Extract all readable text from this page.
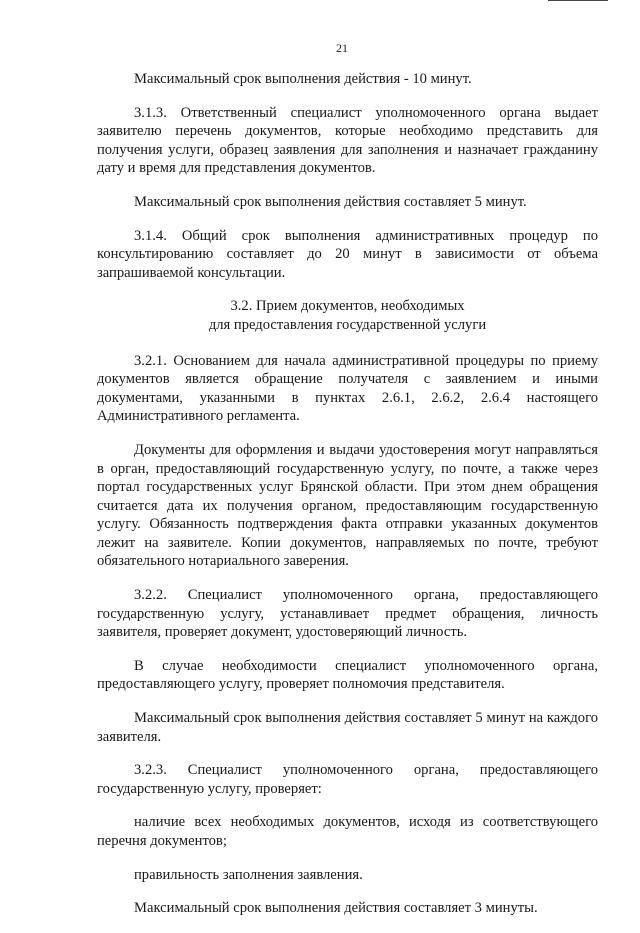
21

Максимальный срок выполнения действия - 10 минут.

3.1.3. Ответственный специалист уполномоченного органа выдает заявителю перечень документов, которые необходимо представить для получения услуги, образец заявления для заполнения и назначает гражданину дату и время для представления документов.

Максимальный срок выполнения действия составляет 5 минут.

3.1.4. Общий срок выполнения административных процедур по консультированию составляет до 20 минут в зависимости от объема запрашиваемой консультации.

3.2. Прием документов, необходимых
для предоставления государственной услуги

3.2.1. Основанием для начала административной процедуры по приему документов является обращение получателя с заявлением и иными документами, указанными в пунктах 2.6.1, 2.6.2, 2.6.4 настоящего Административного регламента.

Документы для оформления и выдачи удостоверения могут направляться в орган, предоставляющий государственную услугу, по почте, а также через портал государственных услуг Брянской области. При этом днем обращения считается дата их получения органом, предоставляющим государственную услугу. Обязанность подтверждения факта отправки указанных документов лежит на заявителе. Копии документов, направляемых по почте, требуют обязательного нотариального заверения.

3.2.2. Специалист уполномоченного органа, предоставляющего государственную услугу, устанавливает предмет обращения, личность заявителя, проверяет документ, удостоверяющий личность.

В случае необходимости специалист уполномоченного органа, предоставляющего услугу, проверяет полномочия представителя.

Максимальный срок выполнения действия составляет 5 минут на каждого заявителя.

3.2.3. Специалист уполномоченного органа, предоставляющего государственную услугу, проверяет:

наличие всех необходимых документов, исходя из соответствующего перечня документов;

правильность заполнения заявления.

Максимальный срок выполнения действия составляет 3 минуты.
